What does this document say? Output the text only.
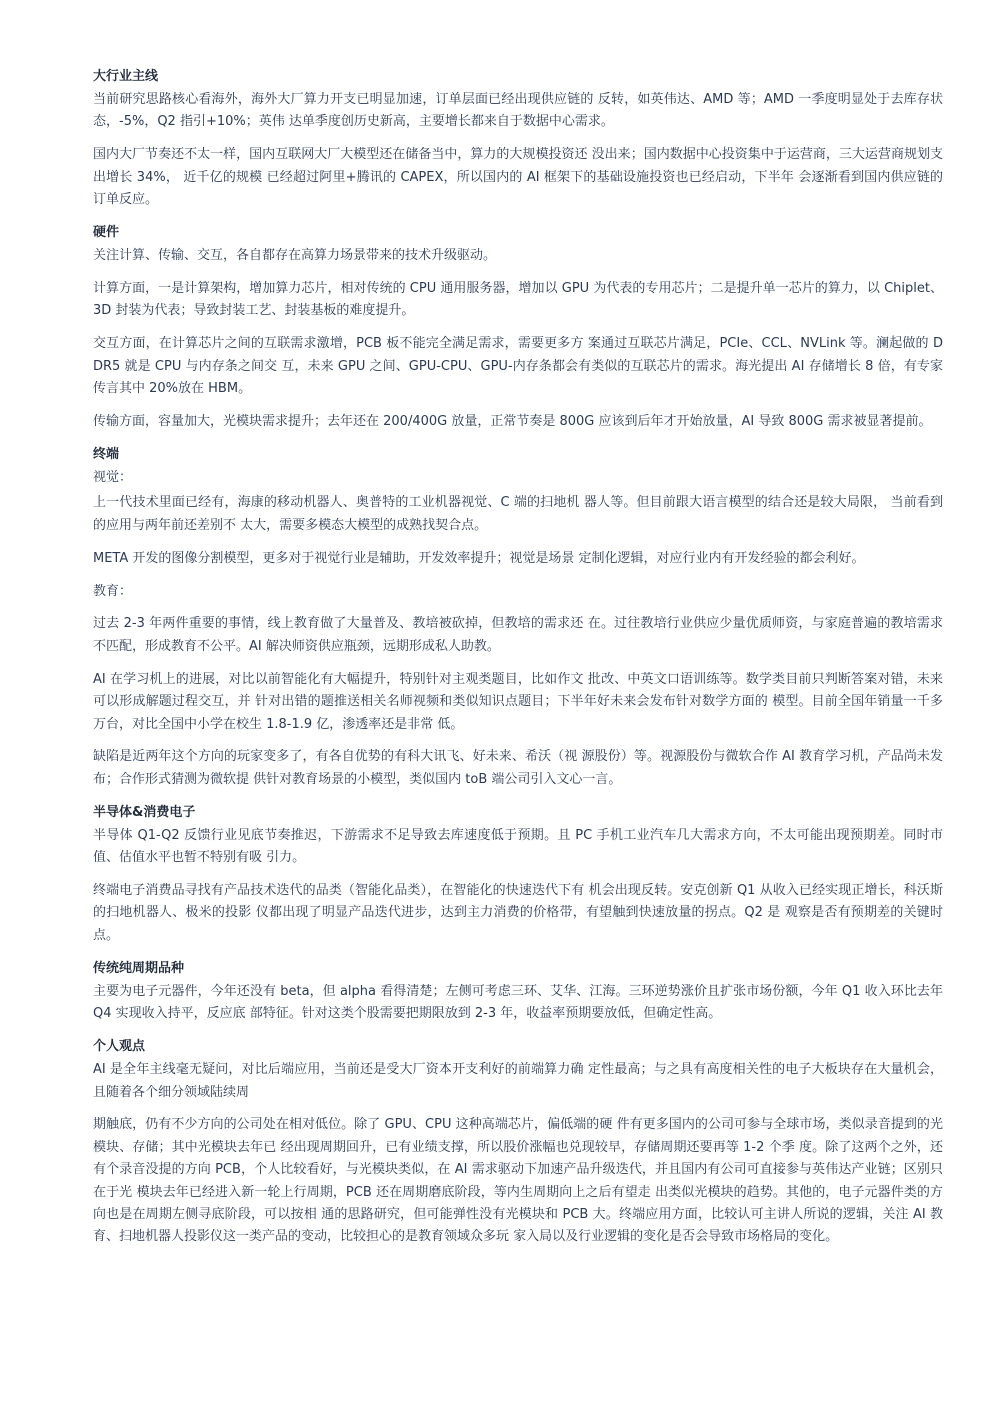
大行业主线

当前研究思路核心看海外，海外大厂算力开支已明显加速，订单层面已经出现供应链的 反转，如英伟达、AMD 等；AMD 一季度明显处于去库存状态，-5%，Q2 指引+10%；英伟 达单季度创历史新高，主要增长都来自于数据中心需求。

国内大厂节奏还不太一样，国内互联网大厂大模型还在储备当中，算力的大规模投资还 没出来；国内数据中心投资集中于运营商，三大运营商规划支出增长 34%， 近千亿的规模 已经超过阿里+腾讯的 CAPEX，所以国内的 AI 框架下的基础设施投资也已经启动，下半年 会逐渐看到国内供应链的订单反应。

硬件

关注计算、传输、交互，各自都存在高算力场景带来的技术升级驱动。

计算方面，一是计算架构，增加算力芯片，相对传统的 CPU 通用服务器，增加以 GPU 为代表的专用芯片；二是提升单一芯片的算力，以 Chiplet、3D 封装为代表；导致封装工艺、封装基板的难度提升。

交互方面，在计算芯片之间的互联需求激增，PCB 板不能完全满足需求，需要更多方 案通过互联芯片满足，PCIe、CCL、NVLink 等。澜起做的 DDR5 就是 CPU 与内存条之间交 互，未来 GPU 之间、GPU-CPU、GPU-内存条都会有类似的互联芯片的需求。海光提出 AI 存储增长 8 倍，有专家传言其中 20%放在 HBM。

传输方面，容量加大，光模块需求提升；去年还在 200/400G 放量，正常节奏是 800G 应该到后年才开始放量，AI 导致 800G 需求被显著提前。

终端

视觉：

上一代技术里面已经有，海康的移动机器人、奥普特的工业机器视觉、C 端的扫地机 器人等。但目前跟大语言模型的结合还是较大局限， 当前看到的应用与两年前还差别不 太大，需要多模态大模型的成熟找契合点。

META 开发的图像分割模型，更多对于视觉行业是辅助，开发效率提升；视觉是场景 定制化逻辑，对应行业内有开发经验的都会利好。

教育：

过去 2-3 年两件重要的事情，线上教育做了大量普及、教培被砍掉，但教培的需求还 在。过往教培行业供应少量优质师资，与家庭普遍的教培需求不匹配，形成教育不公平。AI 解决师资供应瓶颈，远期形成私人助教。

AI 在学习机上的进展，对比以前智能化有大幅提升，特别针对主观类题目，比如作文 批改、中英文口语训练等。数学类目前只判断答案对错，未来可以形成解题过程交互，并 针对出错的题推送相关名师视频和类似知识点题目；下半年好未来会发布针对数学方面的 模型。目前全国年销量一千多万台，对比全国中小学在校生 1.8-1.9 亿，渗透率还是非常 低。

缺陷是近两年这个方向的玩家变多了，有各自优势的有科大讯飞、好未来、希沃（视 源股份）等。视源股份与微软合作 AI 教育学习机，产品尚未发布；合作形式猜测为微软提 供针对教育场景的小模型，类似国内 toB 端公司引入文心一言。

半导体&消费电子

半导体 Q1-Q2 反馈行业见底节奏推迟，下游需求不足导致去库速度低于预期。且 PC 手机工业汽车几大需求方向，不太可能出现预期差。同时市值、估值水平也暂不特别有吸 引力。

终端电子消费品寻找有产品技术迭代的品类（智能化品类），在智能化的快速迭代下有 机会出现反转。安克创新 Q1 从收入已经实现正增长，科沃斯的扫地机器人、极米的投影 仪都出现了明显产品迭代进步，达到主力消费的价格带，有望触到快速放量的拐点。Q2 是 观察是否有预期差的关键时点。

传统纯周期品种

主要为电子元器件，今年还没有 beta，但 alpha 看得清楚；左侧可考虑三环、艾华、江海。三环逆势涨价且扩张市场份额，今年 Q1 收入环比去年 Q4 实现收入持平，反应底 部特征。针对这类个股需要把期限放到 2-3 年，收益率预期要放低，但确定性高。

个人观点

AI 是全年主线毫无疑问，对比后端应用，当前还是受大厂资本开支利好的前端算力确 定性最高；与之具有高度相关性的电子大板块存在大量机会，且随着各个细分领域陆续周

期触底，仍有不少方向的公司处在相对低位。除了 GPU、CPU 这种高端芯片，偏低端的硬 件有更多国内的公司可参与全球市场，类似录音提到的光模块、存储；其中光模块去年已 经出现周期回升，已有业绩支撑，所以股价涨幅也兑现较早，存储周期还要再等 1-2 个季 度。除了这两个之外，还有个录音没提的方向 PCB，个人比较看好，与光模块类似，在 AI 需求驱动下加速产品升级迭代，并且国内有公司可直接参与英伟达产业链；区别只在于光 模块去年已经进入新一轮上行周期，PCB 还在周期磨底阶段，等内生周期向上之后有望走 出类似光模块的趋势。其他的，电子元器件类的方向也是在周期左侧寻底阶段，可以按相 通的思路研究，但可能弹性没有光模块和 PCB 大。终端应用方面，比较认可主讲人所说的逻辑，关注 AI 教育、扫地机器人投影仪这一类产品的变动，比较担心的是教育领域众多玩 家入局以及行业逻辑的变化是否会导致市场格局的变化。
